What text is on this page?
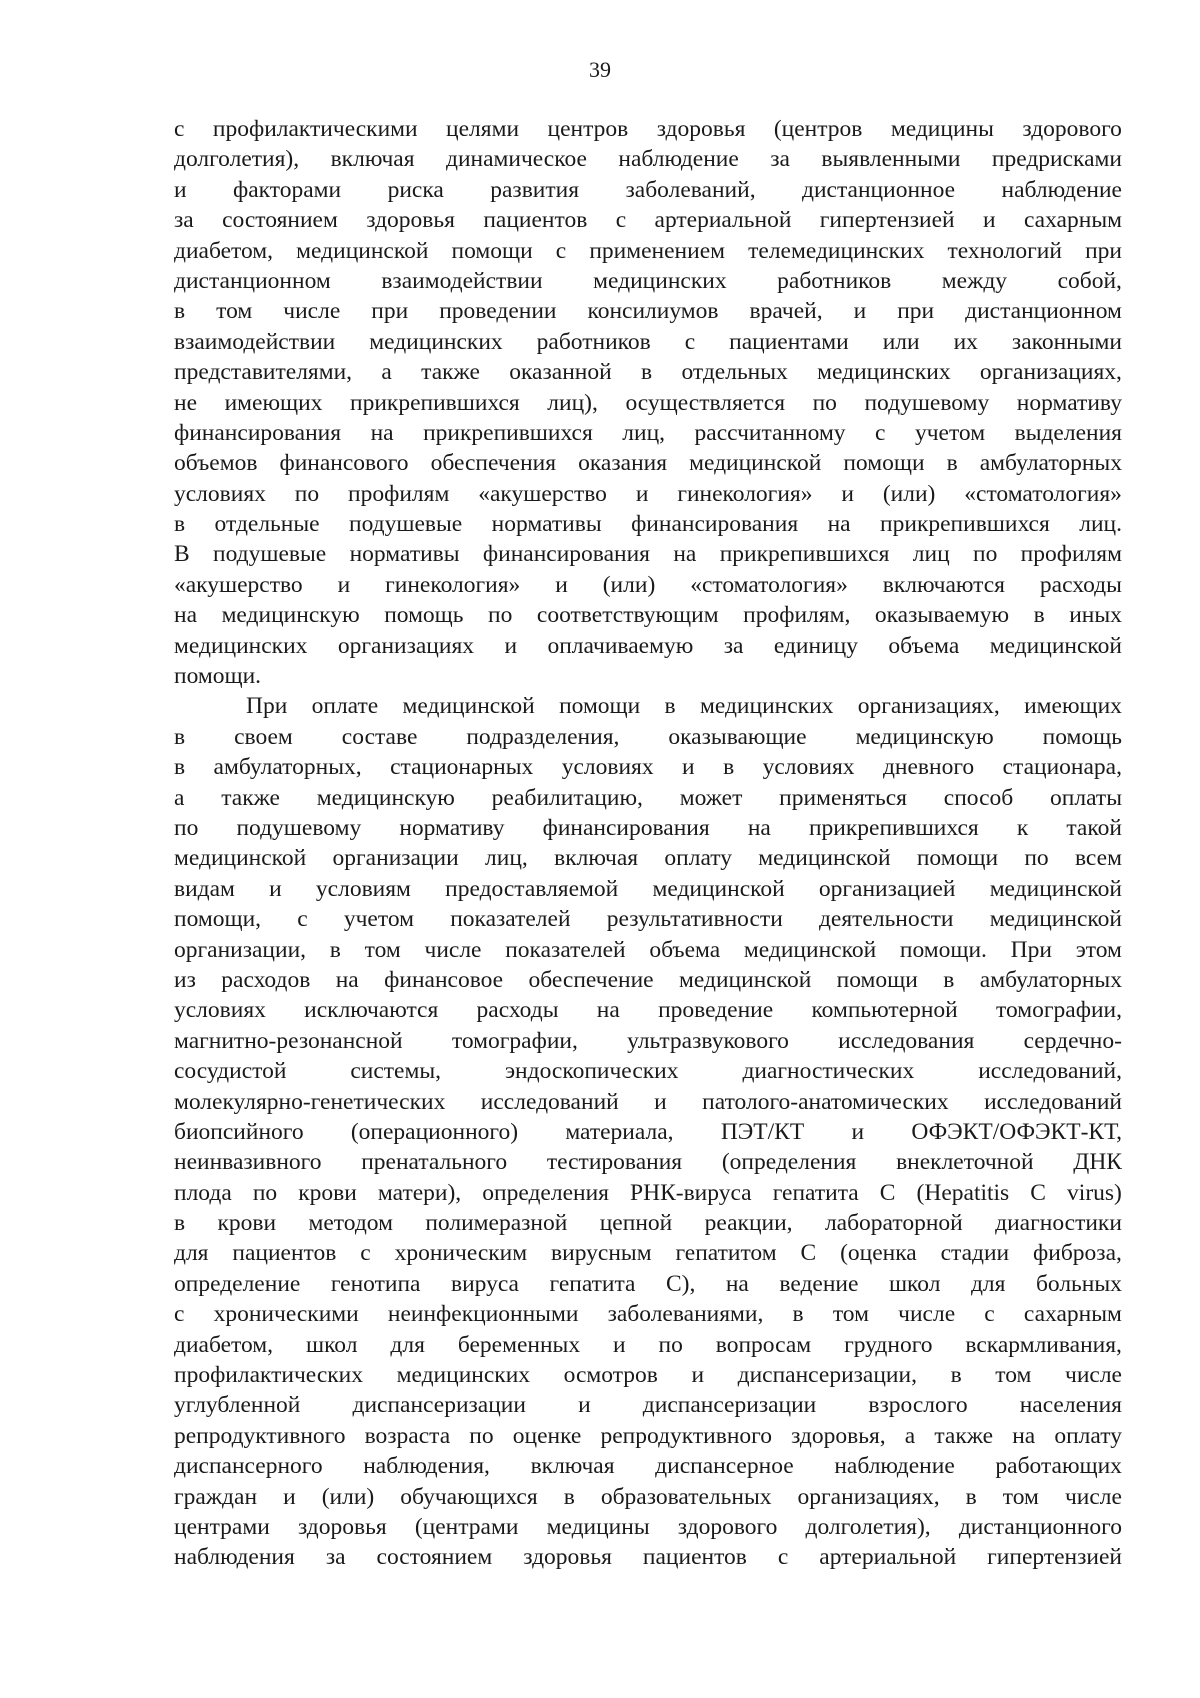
39
с профилактическими целями центров здоровья (центров медицины здорового
долголетия), включая динамическое наблюдение за выявленными предрисками
и факторами риска развития заболеваний, дистанционное наблюдение
за состоянием здоровья пациентов с артериальной гипертензией и сахарным
диабетом, медицинской помощи с применением телемедицинских технологий при
дистанционном взаимодействии медицинских работников между собой,
в том числе при проведении консилиумов врачей, и при дистанционном
взаимодействии медицинских работников с пациентами или их законными
представителями, а также оказанной в отдельных медицинских организациях,
не имеющих прикрепившихся лиц), осуществляется по подушевому нормативу
финансирования на прикрепившихся лиц, рассчитанному с учетом выделения
объемов финансового обеспечения оказания медицинской помощи в амбулаторных
условиях по профилям «акушерство и гинекология» и (или) «стоматология»
в отдельные подушевые нормативы финансирования на прикрепившихся лиц.
В подушевые нормативы финансирования на прикрепившихся лиц по профилям
«акушерство и гинекология» и (или) «стоматология» включаются расходы
на медицинскую помощь по соответствующим профилям, оказываемую в иных
медицинских организациях и оплачиваемую за единицу объема медицинской
помощи.
При оплате медицинской помощи в медицинских организациях, имеющих
в своем составе подразделения, оказывающие медицинскую помощь
в амбулаторных, стационарных условиях и в условиях дневного стационара,
а также медицинскую реабилитацию, может применяться способ оплаты
по подушевому нормативу финансирования на прикрепившихся к такой
медицинской организации лиц, включая оплату медицинской помощи по всем
видам и условиям предоставляемой медицинской организацией медицинской
помощи, с учетом показателей результативности деятельности медицинской
организации, в том числе показателей объема медицинской помощи. При этом
из расходов на финансовое обеспечение медицинской помощи в амбулаторных
условиях исключаются расходы на проведение компьютерной томографии,
магнитно-резонансной томографии, ультразвукового исследования сердечно-
сосудистой	системы,	эндоскопических	диагностических	исследований,
молекулярно-генетических исследований и патолого-анатомических исследований
биопсийного (операционного) материала, ПЭТ/КТ и ОФЭКТ/ОФЭКТ-КТ,
неинвазивного пренатального тестирования (определения внеклеточной ДНК
плода по крови матери), определения РНК-вируса гепатита С (Hepatitis C virus)
в крови методом полимеразной цепной реакции, лабораторной диагностики
для пациентов с хроническим вирусным гепатитом С (оценка стадии фиброза,
определение генотипа вируса гепатита С), на ведение школ для больных
с хроническими неинфекционными заболеваниями, в том числе с сахарным
диабетом, школ для беременных и по вопросам грудного вскармливания,
профилактических медицинских осмотров и диспансеризации, в том числе
углубленной диспансеризации и диспансеризации взрослого населения
репродуктивного возраста по оценке репродуктивного здоровья, а также на оплату
диспансерного наблюдения, включая диспансерное наблюдение работающих
граждан и (или) обучающихся в образовательных организациях, в том числе
центрами здоровья (центрами медицины здорового долголетия), дистанционного
наблюдения за состоянием здоровья пациентов с артериальной гипертензией
